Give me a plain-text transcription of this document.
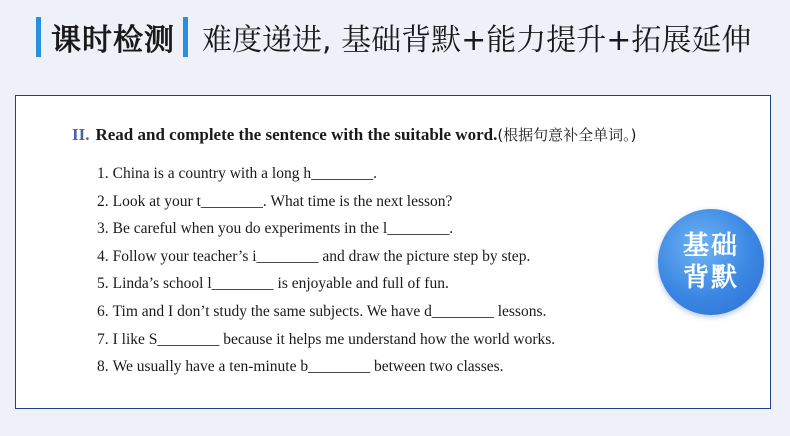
课时检测 难度递进, 基础背默+能力提升+拓展延伸
II. Read and complete the sentence with the suitable word.(根据句意补全单词。)
1. China is a country with a long h________.
2. Look at your t________. What time is the next lesson?
3. Be careful when you do experiments in the l________.
4. Follow your teacher’s i________ and draw the picture step by step.
5. Linda’s school l________ is enjoyable and full of fun.
6. Tim and I don’t study the same subjects. We have d________ lessons.
7. I like S________ because it helps me understand how the world works.
8. We usually have a ten-minute b________ between two classes.
基础
背默
